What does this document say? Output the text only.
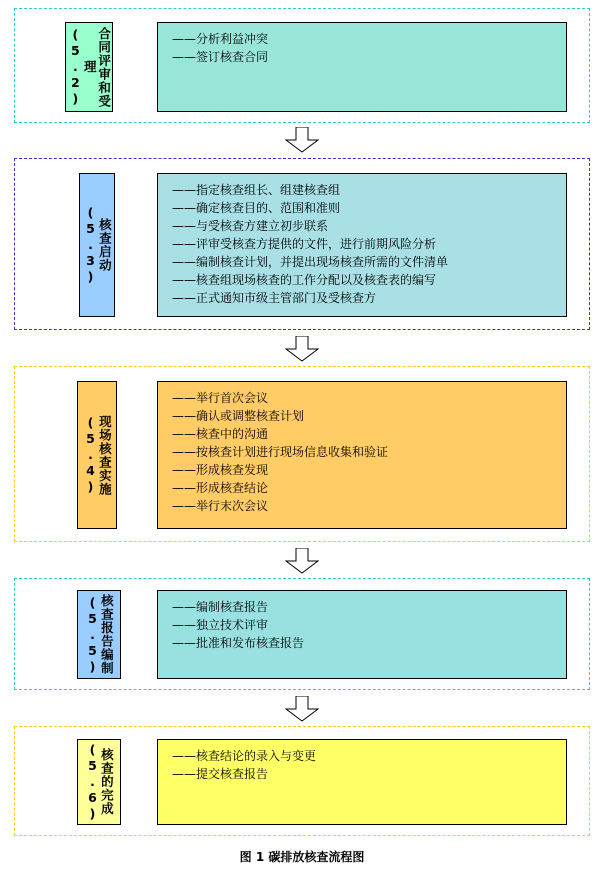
合同评审和受理 (5.2)	——分析利益冲突
——签订核查合同
核查启动 (5.3)
——指定核查组长、组建核查组
——确定核查目的、范围和准则
——与受核查方建立初步联系
——评审受核查方提供的文件，进行前期风险分析
——编制核查计划，并提出现场核查所需的文件清单
——核查组现场核查的工作分配以及核查表的编写
——正式通知市级主管部门及受核查方
现场核查实施 (5.4)
——举行首次会议
——确认或调整核查计划
——核查中的沟通
——按核查计划进行现场信息收集和验证
——形成核查发现
——形成核查结论
——举行末次会议
核查报告编制 (5.5)	——编制核查报告
——独立技术评审
——批准和发布核查报告
核查的完成 (5.6)	——核查结论的录入与变更
——提交核查报告
图 1 碳排放核查流程图
